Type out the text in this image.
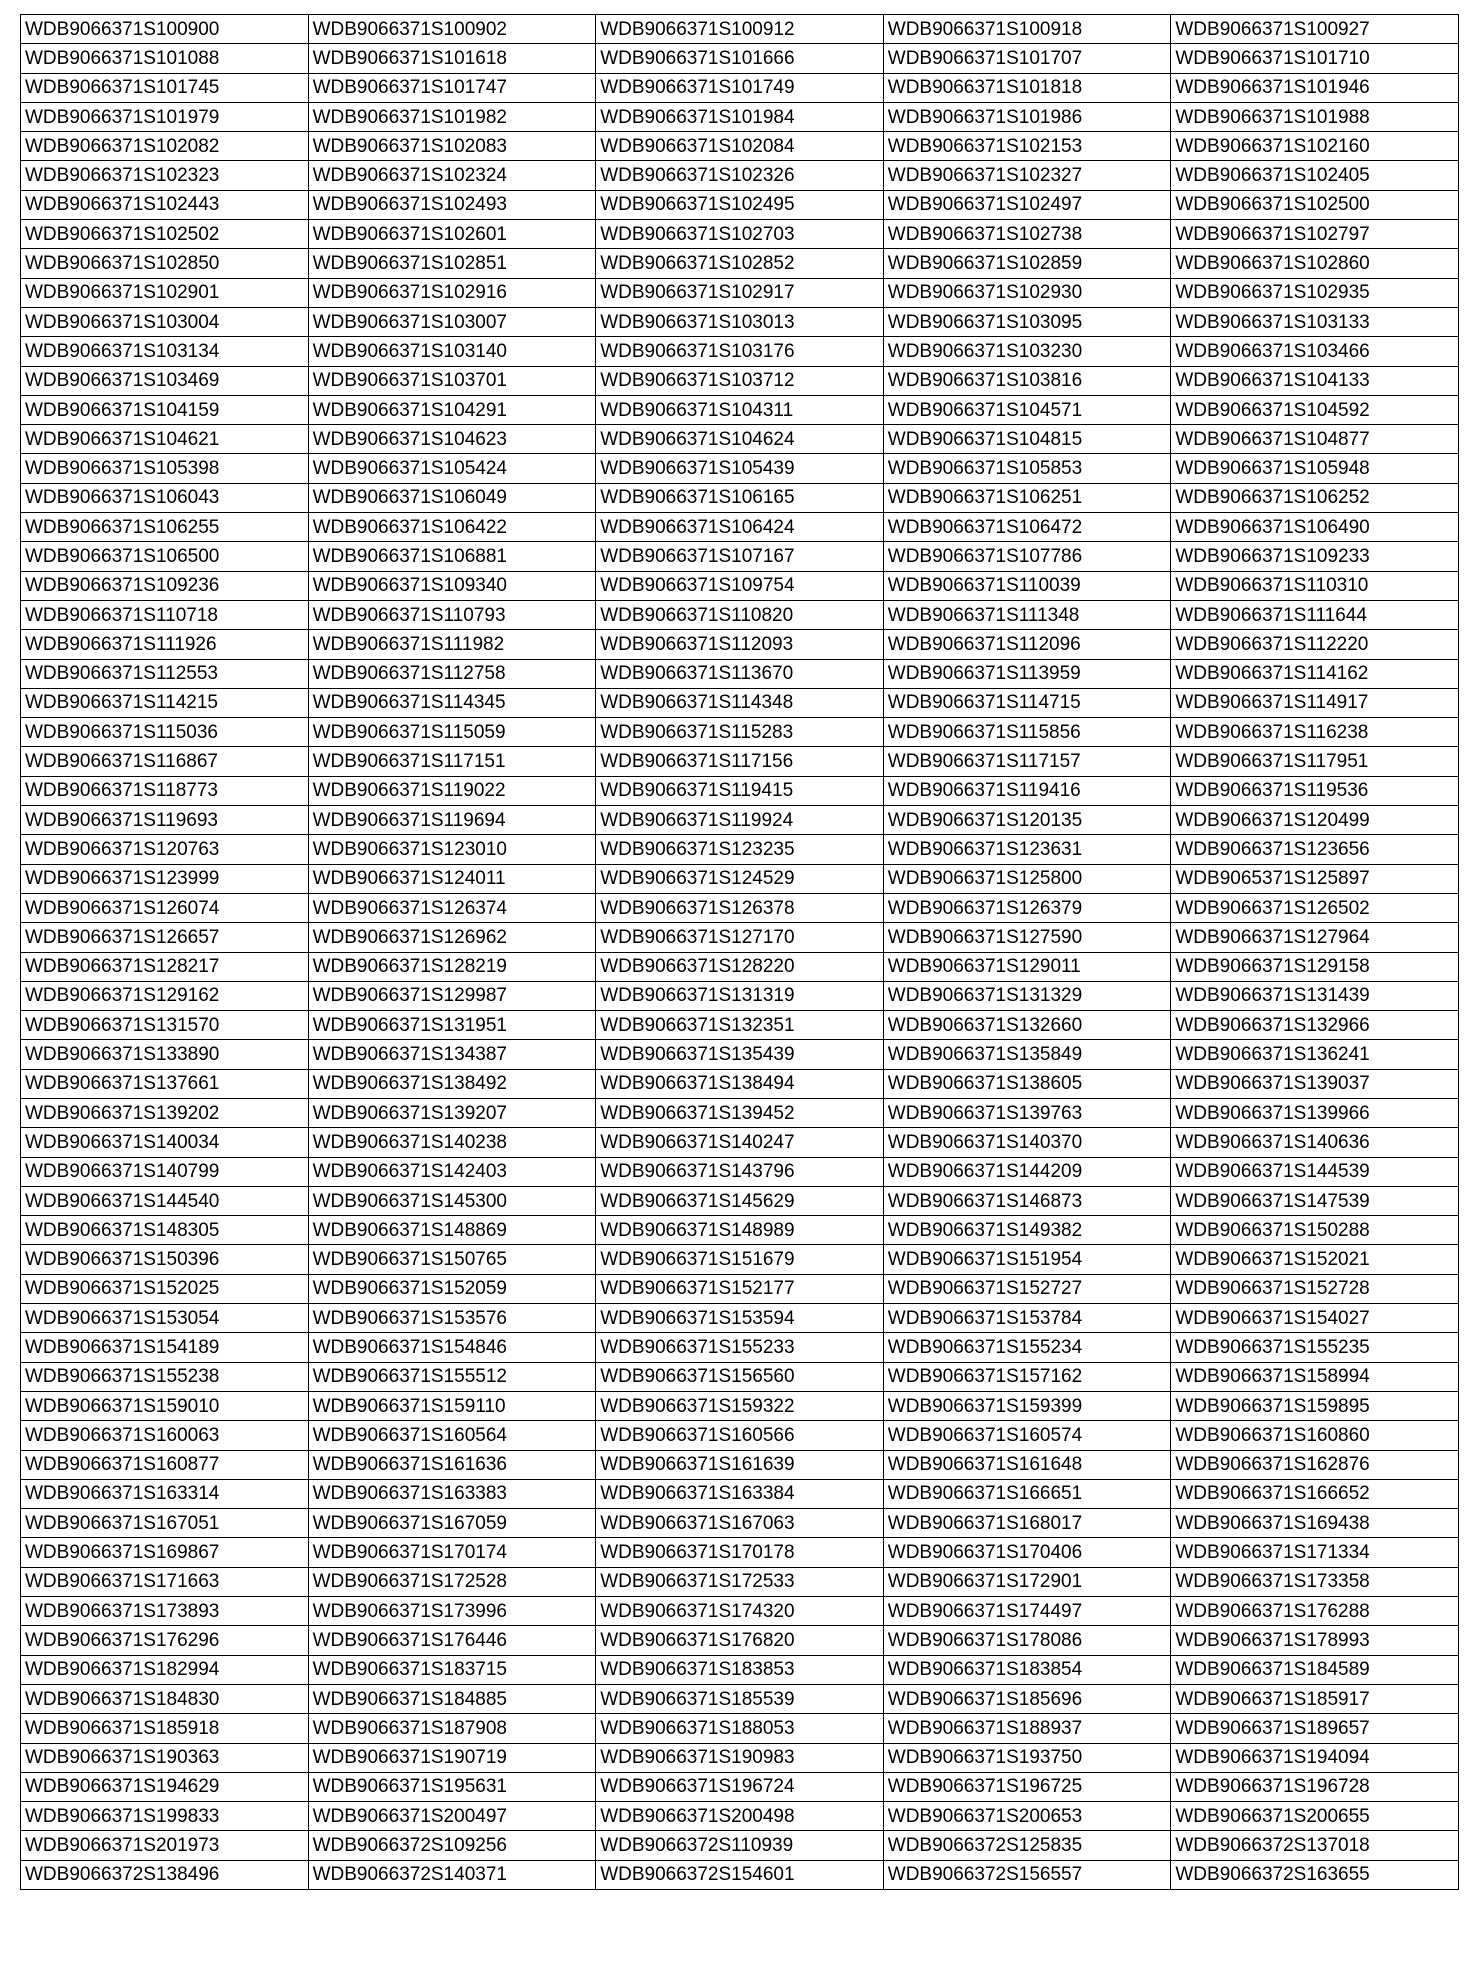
WDB9066371S100900	WDB9066371S100902	WDB9066371S100912	WDB9066371S100918	WDB9066371S100927
WDB9066371S101088	WDB9066371S101618	WDB9066371S101666	WDB9066371S101707	WDB9066371S101710
WDB9066371S101745	WDB9066371S101747	WDB9066371S101749	WDB9066371S101818	WDB9066371S101946
WDB9066371S101979	WDB9066371S101982	WDB9066371S101984	WDB9066371S101986	WDB9066371S101988
WDB9066371S102082	WDB9066371S102083	WDB9066371S102084	WDB9066371S102153	WDB9066371S102160
WDB9066371S102323	WDB9066371S102324	WDB9066371S102326	WDB9066371S102327	WDB9066371S102405
WDB9066371S102443	WDB9066371S102493	WDB9066371S102495	WDB9066371S102497	WDB9066371S102500
WDB9066371S102502	WDB9066371S102601	WDB9066371S102703	WDB9066371S102738	WDB9066371S102797
WDB9066371S102850	WDB9066371S102851	WDB9066371S102852	WDB9066371S102859	WDB9066371S102860
WDB9066371S102901	WDB9066371S102916	WDB9066371S102917	WDB9066371S102930	WDB9066371S102935
WDB9066371S103004	WDB9066371S103007	WDB9066371S103013	WDB9066371S103095	WDB9066371S103133
WDB9066371S103134	WDB9066371S103140	WDB9066371S103176	WDB9066371S103230	WDB9066371S103466
WDB9066371S103469	WDB9066371S103701	WDB9066371S103712	WDB9066371S103816	WDB9066371S104133
WDB9066371S104159	WDB9066371S104291	WDB9066371S104311	WDB9066371S104571	WDB9066371S104592
WDB9066371S104621	WDB9066371S104623	WDB9066371S104624	WDB9066371S104815	WDB9066371S104877
WDB9066371S105398	WDB9066371S105424	WDB9066371S105439	WDB9066371S105853	WDB9066371S105948
WDB9066371S106043	WDB9066371S106049	WDB9066371S106165	WDB9066371S106251	WDB9066371S106252
WDB9066371S106255	WDB9066371S106422	WDB9066371S106424	WDB9066371S106472	WDB9066371S106490
WDB9066371S106500	WDB9066371S106881	WDB9066371S107167	WDB9066371S107786	WDB9066371S109233
WDB9066371S109236	WDB9066371S109340	WDB9066371S109754	WDB9066371S110039	WDB9066371S110310
WDB9066371S110718	WDB9066371S110793	WDB9066371S110820	WDB9066371S111348	WDB9066371S111644
WDB9066371S111926	WDB9066371S111982	WDB9066371S112093	WDB9066371S112096	WDB9066371S112220
WDB9066371S112553	WDB9066371S112758	WDB9066371S113670	WDB9066371S113959	WDB9066371S114162
WDB9066371S114215	WDB9066371S114345	WDB9066371S114348	WDB9066371S114715	WDB9066371S114917
WDB9066371S115036	WDB9066371S115059	WDB9066371S115283	WDB9066371S115856	WDB9066371S116238
WDB9066371S116867	WDB9066371S117151	WDB9066371S117156	WDB9066371S117157	WDB9066371S117951
WDB9066371S118773	WDB9066371S119022	WDB9066371S119415	WDB9066371S119416	WDB9066371S119536
WDB9066371S119693	WDB9066371S119694	WDB9066371S119924	WDB9066371S120135	WDB9066371S120499
WDB9066371S120763	WDB9066371S123010	WDB9066371S123235	WDB9066371S123631	WDB9066371S123656
WDB9066371S123999	WDB9066371S124011	WDB9066371S124529	WDB9066371S125800	WDB9065371S125897
WDB9066371S126074	WDB9066371S126374	WDB9066371S126378	WDB9066371S126379	WDB9066371S126502
WDB9066371S126657	WDB9066371S126962	WDB9066371S127170	WDB9066371S127590	WDB9066371S127964
WDB9066371S128217	WDB9066371S128219	WDB9066371S128220	WDB9066371S129011	WDB9066371S129158
WDB9066371S129162	WDB9066371S129987	WDB9066371S131319	WDB9066371S131329	WDB9066371S131439
WDB9066371S131570	WDB9066371S131951	WDB9066371S132351	WDB9066371S132660	WDB9066371S132966
WDB9066371S133890	WDB9066371S134387	WDB9066371S135439	WDB9066371S135849	WDB9066371S136241
WDB9066371S137661	WDB9066371S138492	WDB9066371S138494	WDB9066371S138605	WDB9066371S139037
WDB9066371S139202	WDB9066371S139207	WDB9066371S139452	WDB9066371S139763	WDB9066371S139966
WDB9066371S140034	WDB9066371S140238	WDB9066371S140247	WDB9066371S140370	WDB9066371S140636
WDB9066371S140799	WDB9066371S142403	WDB9066371S143796	WDB9066371S144209	WDB9066371S144539
WDB9066371S144540	WDB9066371S145300	WDB9066371S145629	WDB9066371S146873	WDB9066371S147539
WDB9066371S148305	WDB9066371S148869	WDB9066371S148989	WDB9066371S149382	WDB9066371S150288
WDB9066371S150396	WDB9066371S150765	WDB9066371S151679	WDB9066371S151954	WDB9066371S152021
WDB9066371S152025	WDB9066371S152059	WDB9066371S152177	WDB9066371S152727	WDB9066371S152728
WDB9066371S153054	WDB9066371S153576	WDB9066371S153594	WDB9066371S153784	WDB9066371S154027
WDB9066371S154189	WDB9066371S154846	WDB9066371S155233	WDB9066371S155234	WDB9066371S155235
WDB9066371S155238	WDB9066371S155512	WDB9066371S156560	WDB9066371S157162	WDB9066371S158994
WDB9066371S159010	WDB9066371S159110	WDB9066371S159322	WDB9066371S159399	WDB9066371S159895
WDB9066371S160063	WDB9066371S160564	WDB9066371S160566	WDB9066371S160574	WDB9066371S160860
WDB9066371S160877	WDB9066371S161636	WDB9066371S161639	WDB9066371S161648	WDB9066371S162876
WDB9066371S163314	WDB9066371S163383	WDB9066371S163384	WDB9066371S166651	WDB9066371S166652
WDB9066371S167051	WDB9066371S167059	WDB9066371S167063	WDB9066371S168017	WDB9066371S169438
WDB9066371S169867	WDB9066371S170174	WDB9066371S170178	WDB9066371S170406	WDB9066371S171334
WDB9066371S171663	WDB9066371S172528	WDB9066371S172533	WDB9066371S172901	WDB9066371S173358
WDB9066371S173893	WDB9066371S173996	WDB9066371S174320	WDB9066371S174497	WDB9066371S176288
WDB9066371S176296	WDB9066371S176446	WDB9066371S176820	WDB9066371S178086	WDB9066371S178993
WDB9066371S182994	WDB9066371S183715	WDB9066371S183853	WDB9066371S183854	WDB9066371S184589
WDB9066371S184830	WDB9066371S184885	WDB9066371S185539	WDB9066371S185696	WDB9066371S185917
WDB9066371S185918	WDB9066371S187908	WDB9066371S188053	WDB9066371S188937	WDB9066371S189657
WDB9066371S190363	WDB9066371S190719	WDB9066371S190983	WDB9066371S193750	WDB9066371S194094
WDB9066371S194629	WDB9066371S195631	WDB9066371S196724	WDB9066371S196725	WDB9066371S196728
WDB9066371S199833	WDB9066371S200497	WDB9066371S200498	WDB9066371S200653	WDB9066371S200655
WDB9066371S201973	WDB9066372S109256	WDB9066372S110939	WDB9066372S125835	WDB9066372S137018
WDB9066372S138496	WDB9066372S140371	WDB9066372S154601	WDB9066372S156557	WDB9066372S163655
